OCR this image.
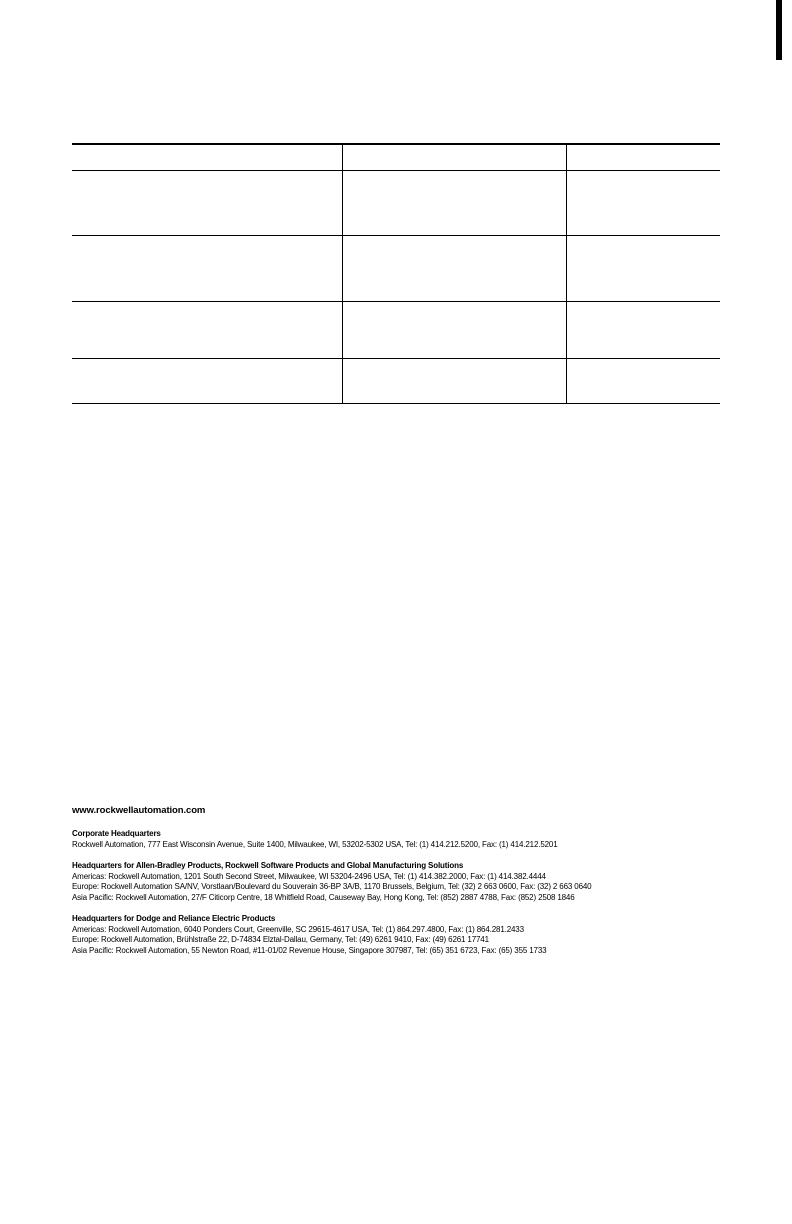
www.rockwellautomation.com
Corporate Headquarters
Rockwell Automation, 777 East Wisconsin Avenue, Suite 1400, Milwaukee, WI, 53202-5302 USA, Tel: (1) 414.212.5200, Fax: (1) 414.212.5201
Headquarters for Allen-Bradley Products, Rockwell Software Products and Global Manufacturing Solutions
Americas: Rockwell Automation, 1201 South Second Street, Milwaukee, WI 53204-2496 USA, Tel: (1) 414.382.2000, Fax: (1) 414.382.4444
Europe: Rockwell Automation SA/NV, Vorstlaan/Boulevard du Souverain 36-BP 3A/B, 1170 Brussels, Belgium, Tel: (32) 2 663 0600, Fax: (32) 2 663 0640
Asia Pacific: Rockwell Automation, 27/F Citicorp Centre, 18 Whitfield Road, Causeway Bay, Hong Kong, Tel: (852) 2887 4788, Fax: (852) 2508 1846
Headquarters for Dodge and Reliance Electric Products
Americas: Rockwell Automation, 6040 Ponders Court, Greenville, SC 29615-4617 USA, Tel: (1) 864.297.4800, Fax: (1) 864.281.2433
Europe: Rockwell Automation, Brühlstraße 22, D-74834 Elztal-Dallau, Germany, Tel: (49) 6261 9410, Fax: (49) 6261 17741
Asia Pacific: Rockwell Automation, 55 Newton Road, #11-01/02 Revenue House, Singapore 307987, Tel: (65) 351 6723, Fax: (65) 355 1733
